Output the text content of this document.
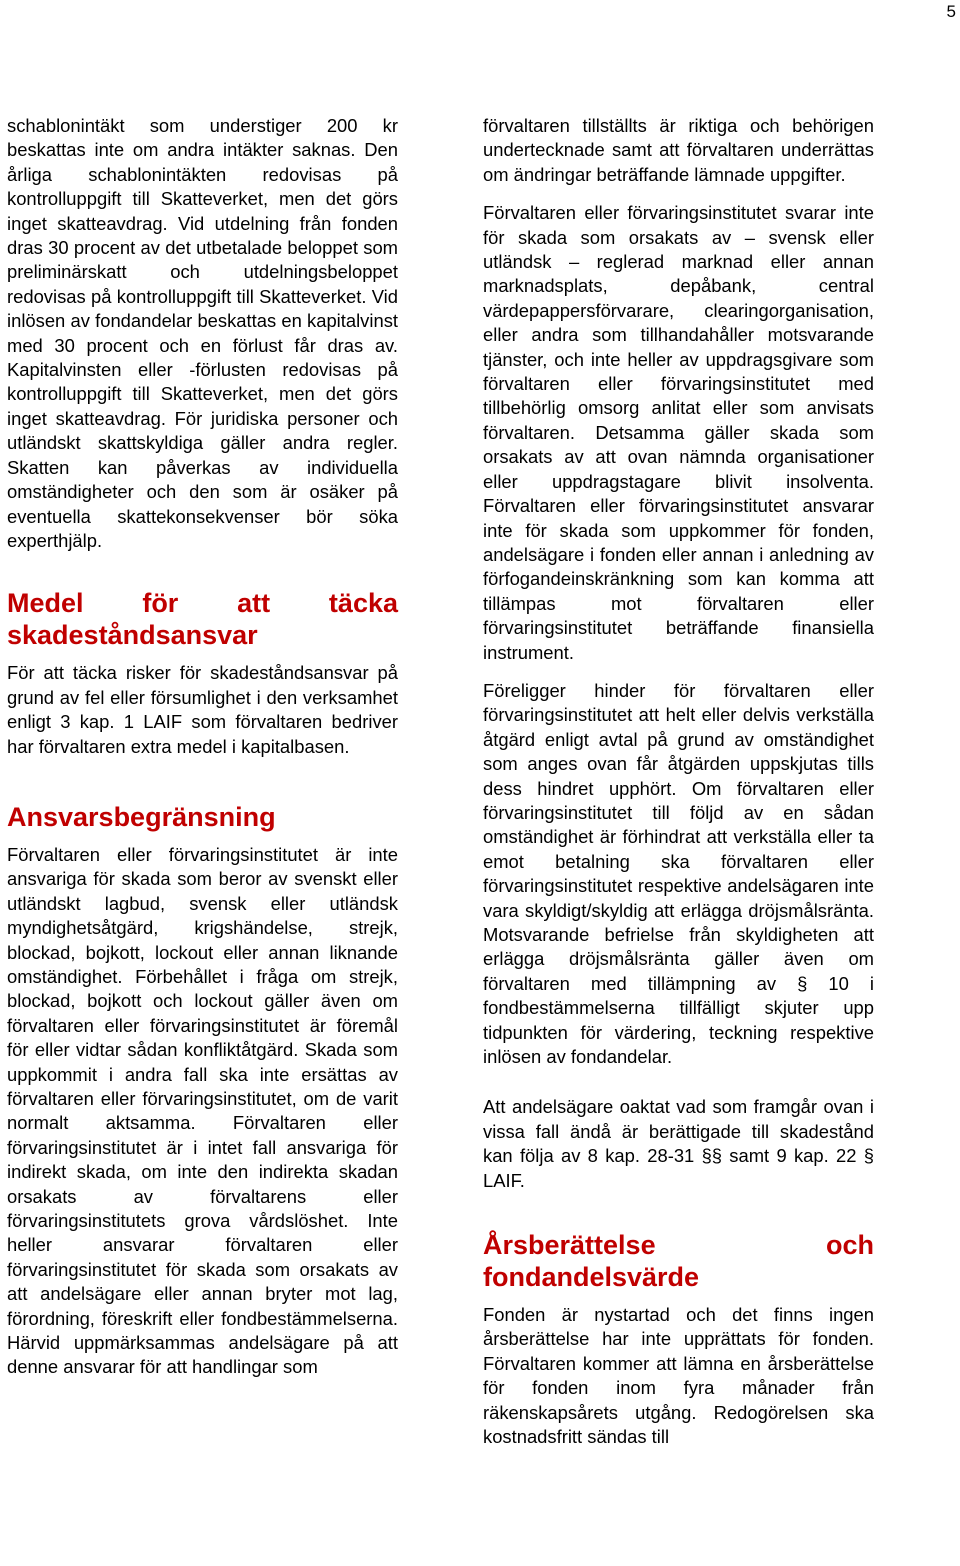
5

schablonintäkt som understiger 200 kr beskattas inte om andra intäkter saknas. Den årliga schablonintäkten redovisas på kontrolluppgift till Skatteverket, men det görs inget skatteavdrag. Vid utdelning från fonden dras 30 procent av det utbetalade beloppet som preliminärskatt och utdelningsbeloppet redovisas på kontrolluppgift till Skatteverket. Vid inlösen av fondandelar beskattas en kapitalvinst med 30 procent och en förlust får dras av. Kapitalvinsten eller -förlusten redovisas på kontrolluppgift till Skatteverket, men det görs inget skatteavdrag. För juridiska personer och utländskt skattskyldiga gäller andra regler. Skatten kan påverkas av individuella omständigheter och den som är osäker på eventuella skattekonsekvenser bör söka experthjälp.

Medel för att täcka skadeståndsansvar

För att täcka risker för skadeståndsansvar på grund av fel eller försumlighet i den verksamhet enligt 3 kap. 1 LAIF som förvaltaren bedriver har förvaltaren extra medel i kapitalbasen.

Ansvarsbegränsning

Förvaltaren eller förvaringsinstitutet är inte ansvariga för skada som beror av svenskt eller utländskt lagbud, svensk eller utländsk myndighetsåtgärd, krigshändelse, strejk, blockad, bojkott, lockout eller annan liknande omständighet. Förbehållet i fråga om strejk, blockad, bojkott och lockout gäller även om förvaltaren eller förvaringsinstitutet är föremål för eller vidtar sådan konfliktåtgärd. Skada som uppkommit i andra fall ska inte ersättas av förvaltaren eller förvaringsinstitutet, om de varit normalt aktsamma. Förvaltaren eller förvaringsinstitutet är i intet fall ansvariga för indirekt skada, om inte den indirekta skadan orsakats av förvaltarens eller förvaringsinstitutets grova vårdslöshet. Inte heller ansvarar förvaltaren eller förvaringsinstitutet för skada som orsakats av att andelsägare eller annan bryter mot lag, förordning, föreskrift eller fondbestämmelserna. Härvid uppmärksammas andelsägare på att denne ansvarar för att handlingar som

förvaltaren tillställts är riktiga och behörigen undertecknade samt att förvaltaren underrättas om ändringar beträffande lämnade uppgifter.

Förvaltaren eller förvaringsinstitutet svarar inte för skada som orsakats av – svensk eller utländsk – reglerad marknad eller annan marknadsplats, depåbank, central värdepappersförvarare, clearingorganisation, eller andra som tillhandahåller motsvarande tjänster, och inte heller av uppdragsgivare som förvaltaren eller förvaringsinstitutet med tillbehörlig omsorg anlitat eller som anvisats förvaltaren. Detsamma gäller skada som orsakats av att ovan nämnda organisationer eller uppdragstagare blivit insolventa. Förvaltaren eller förvaringsinstitutet ansvarar inte för skada som uppkommer för fonden, andelsägare i fonden eller annan i anledning av förfogandeinskränkning som kan komma att tillämpas mot förvaltaren eller förvaringsinstitutet beträffande finansiella instrument.

Föreligger hinder för förvaltaren eller förvaringsinstitutet att helt eller delvis verkställa åtgärd enligt avtal på grund av omständighet som anges ovan får åtgärden uppskjutas tills dess hindret upphört. Om förvaltaren eller förvaringsinstitutet till följd av en sådan omständighet är förhindrat att verkställa eller ta emot betalning ska förvaltaren eller förvaringsinstitutet respektive andelsägaren inte vara skyldigt/skyldig att erlägga dröjsmålsränta. Motsvarande befrielse från skyldigheten att erlägga dröjsmålsränta gäller även om förvaltaren med tillämpning av § 10 i fondbestämmelserna tillfälligt skjuter upp tidpunkten för värdering, teckning respektive inlösen av fondandelar.

Att andelsägare oaktat vad som framgår ovan i vissa fall ändå är berättigade till skadestånd kan följa av 8 kap. 28-31 §§ samt 9 kap. 22 § LAIF.

Årsberättelse och fondandelsvärde

Fonden är nystartad och det finns ingen årsberättelse har inte upprättats för fonden. Förvaltaren kommer att lämna en årsberättelse för fonden inom fyra månader från räkenskapsårets utgång. Redogörelsen ska kostnadsfritt sändas till
